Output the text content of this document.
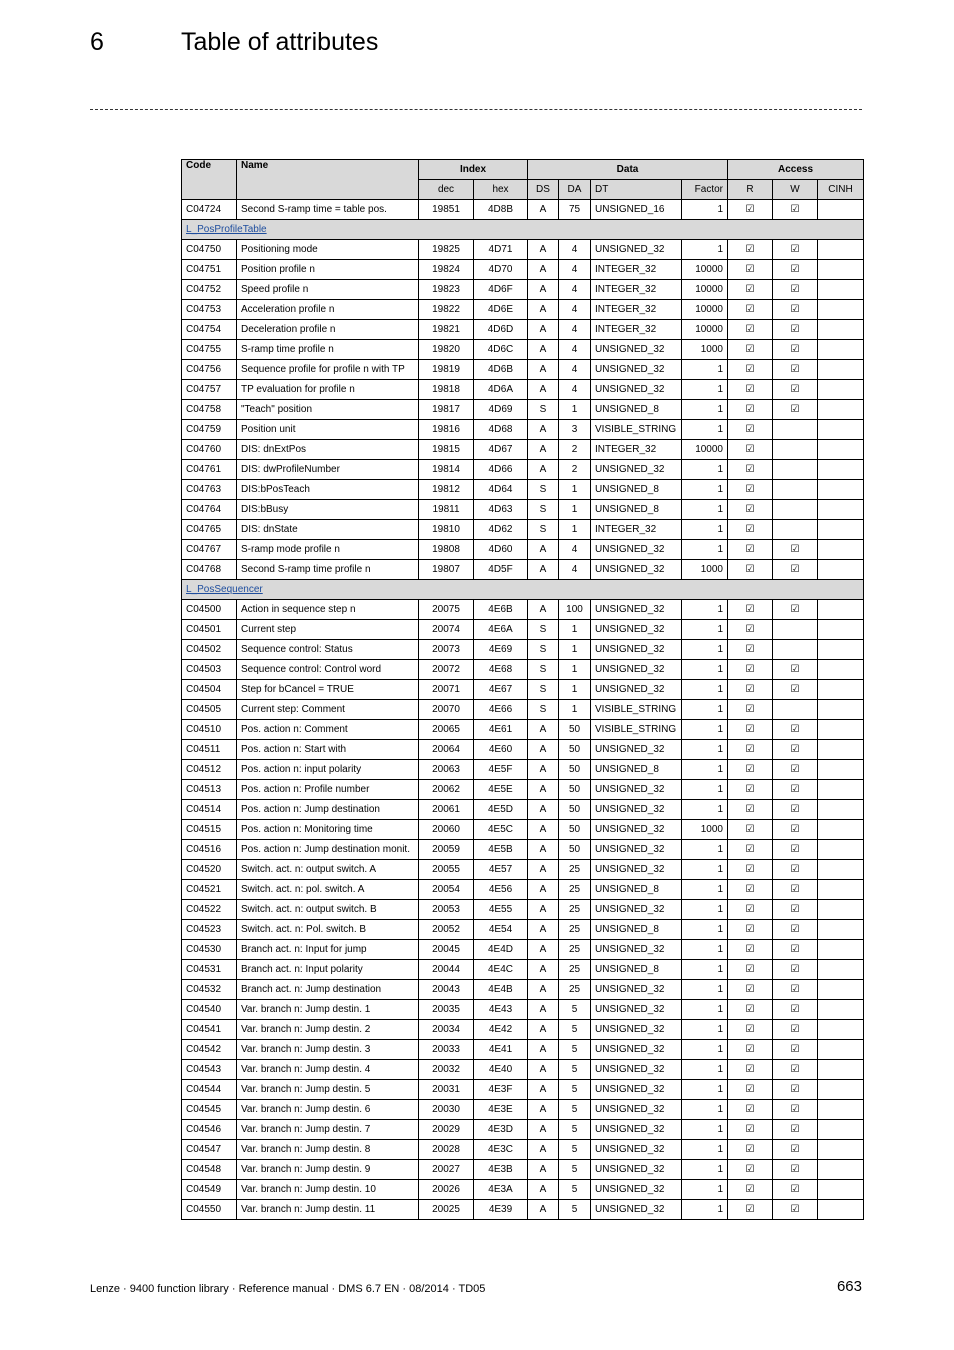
6	Table of attributes
Code	Name	Index		Data				Access		
		dec	hex	DS	DA	DT	Factor	R	W	CINH
C04724	Second S-ramp time = table pos.	19851	4D8B	A	75	UNSIGNED_16	1	☑	☑	
L_PosProfileTable										
C04750	Positioning mode	19825	4D71	A	4	UNSIGNED_32	1	☑	☑	
C04751	Position profile n	19824	4D70	A	4	INTEGER_32	10000	☑	☑	
C04752	Speed profile n	19823	4D6F	A	4	INTEGER_32	10000	☑	☑	
C04753	Acceleration profile n	19822	4D6E	A	4	INTEGER_32	10000	☑	☑	
C04754	Deceleration profile n	19821	4D6D	A	4	INTEGER_32	10000	☑	☑	
C04755	S-ramp time profile n	19820	4D6C	A	4	UNSIGNED_32	1000	☑	☑	
C04756	Sequence profile for profile n with TP	19819	4D6B	A	4	UNSIGNED_32	1	☑	☑	
C04757	TP evaluation for profile n	19818	4D6A	A	4	UNSIGNED_32	1	☑	☑	
C04758	"Teach" position	19817	4D69	S	1	UNSIGNED_8	1	☑	☑	
C04759	Position unit	19816	4D68	A	3	VISIBLE_STRING	1	☑		
C04760	DIS: dnExtPos	19815	4D67	A	2	INTEGER_32	10000	☑		
C04761	DIS: dwProfileNumber	19814	4D66	A	2	UNSIGNED_32	1	☑		
C04763	DIS:bPosTeach	19812	4D64	S	1	UNSIGNED_8	1	☑		
C04764	DIS:bBusy	19811	4D63	S	1	UNSIGNED_8	1	☑		
C04765	DIS: dnState	19810	4D62	S	1	INTEGER_32	1	☑		
C04767	S-ramp mode profile n	19808	4D60	A	4	UNSIGNED_32	1	☑	☑	
C04768	Second S-ramp time profile n	19807	4D5F	A	4	UNSIGNED_32	1000	☑	☑	
L_PosSequencer										
C04500	Action in sequence step n	20075	4E6B	A	100	UNSIGNED_32	1	☑	☑	
C04501	Current step	20074	4E6A	S	1	UNSIGNED_32	1	☑		
C04502	Sequence control: Status	20073	4E69	S	1	UNSIGNED_32	1	☑		
C04503	Sequence control: Control word	20072	4E68	S	1	UNSIGNED_32	1	☑	☑	
C04504	Step for bCancel = TRUE	20071	4E67	S	1	UNSIGNED_32	1	☑	☑	
C04505	Current step: Comment	20070	4E66	S	1	VISIBLE_STRING	1	☑		
C04510	Pos. action n: Comment	20065	4E61	A	50	VISIBLE_STRING	1	☑	☑	
C04511	Pos. action n: Start with	20064	4E60	A	50	UNSIGNED_32	1	☑	☑	
C04512	Pos. action n: input polarity	20063	4E5F	A	50	UNSIGNED_8	1	☑	☑	
C04513	Pos. action n: Profile number	20062	4E5E	A	50	UNSIGNED_32	1	☑	☑	
C04514	Pos. action n: Jump destination	20061	4E5D	A	50	UNSIGNED_32	1	☑	☑	
C04515	Pos. action n: Monitoring time	20060	4E5C	A	50	UNSIGNED_32	1000	☑	☑	
C04516	Pos. action n: Jump destination monit.	20059	4E5B	A	50	UNSIGNED_32	1	☑	☑	
C04520	Switch. act. n: output switch. A	20055	4E57	A	25	UNSIGNED_32	1	☑	☑	
C04521	Switch. act. n: pol. switch. A	20054	4E56	A	25	UNSIGNED_8	1	☑	☑	
C04522	Switch. act. n: output switch. B	20053	4E55	A	25	UNSIGNED_32	1	☑	☑	
C04523	Switch. act. n: Pol. switch. B	20052	4E54	A	25	UNSIGNED_8	1	☑	☑	
C04530	Branch act. n: Input for jump	20045	4E4D	A	25	UNSIGNED_32	1	☑	☑	
C04531	Branch act. n: Input polarity	20044	4E4C	A	25	UNSIGNED_8	1	☑	☑	
C04532	Branch act. n: Jump destination	20043	4E4B	A	25	UNSIGNED_32	1	☑	☑	
C04540	Var. branch n: Jump destin. 1	20035	4E43	A	5	UNSIGNED_32	1	☑	☑	
C04541	Var. branch n: Jump destin. 2	20034	4E42	A	5	UNSIGNED_32	1	☑	☑	
C04542	Var. branch n: Jump destin. 3	20033	4E41	A	5	UNSIGNED_32	1	☑	☑	
C04543	Var. branch n: Jump destin. 4	20032	4E40	A	5	UNSIGNED_32	1	☑	☑	
C04544	Var. branch n: Jump destin. 5	20031	4E3F	A	5	UNSIGNED_32	1	☑	☑	
C04545	Var. branch n: Jump destin. 6	20030	4E3E	A	5	UNSIGNED_32	1	☑	☑	
C04546	Var. branch n: Jump destin. 7	20029	4E3D	A	5	UNSIGNED_32	1	☑	☑	
C04547	Var. branch n: Jump destin. 8	20028	4E3C	A	5	UNSIGNED_32	1	☑	☑	
C04548	Var. branch n: Jump destin. 9	20027	4E3B	A	5	UNSIGNED_32	1	☑	☑	
C04549	Var. branch n: Jump destin. 10	20026	4E3A	A	5	UNSIGNED_32	1	☑	☑	
C04550	Var. branch n: Jump destin. 11	20025	4E39	A	5	UNSIGNED_32	1	☑	☑	
Lenze · 9400 function library · Reference manual · DMS 6.7 EN · 08/2014 · TD05	663
